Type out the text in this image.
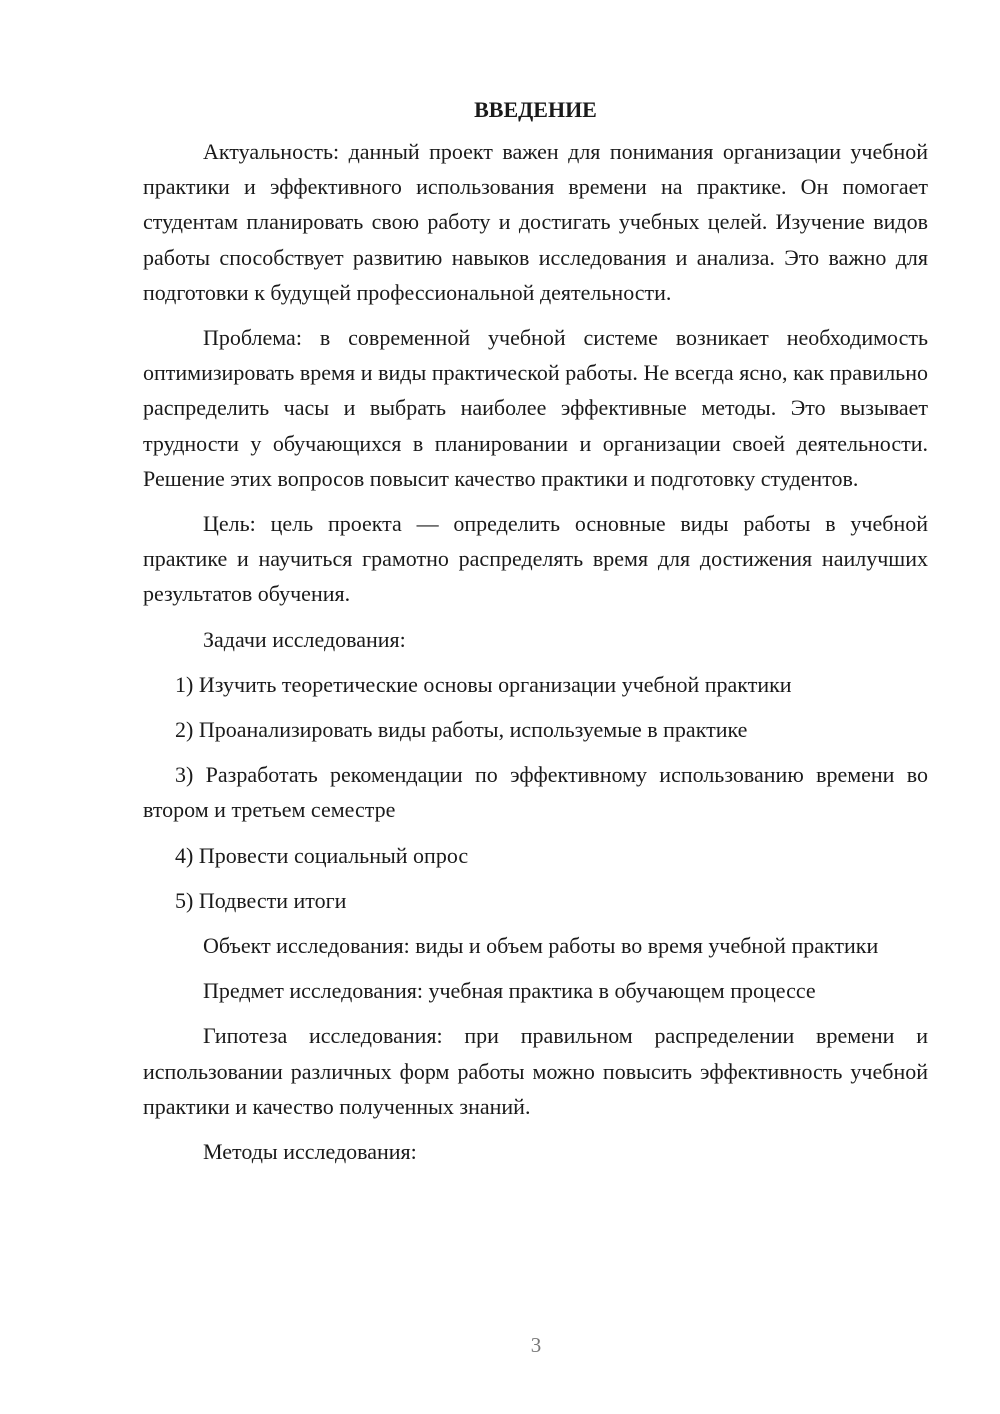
ВВЕДЕНИЕ

Актуальность: данный проект важен для понимания организации учебной практики и эффективного использования времени на практике. Он помогает студентам планировать свою работу и достигать учебных целей. Изучение видов работы способствует развитию навыков исследования и анализа. Это важно для подготовки к будущей профессиональной деятельности.

Проблема: в современной учебной системе возникает необходимость оптимизировать время и виды практической работы. Не всегда ясно, как правильно распределить часы и выбрать наиболее эффективные методы. Это вызывает трудности у обучающихся в планировании и организации своей деятельности. Решение этих вопросов повысит качество практики и подготовку студентов.

Цель: цель проекта — определить основные виды работы в учебной практике и научиться грамотно распределять время для достижения наилучших результатов обучения.

Задачи исследования:

1) Изучить теоретические основы организации учебной практики

2) Проанализировать виды работы, используемые в практике

3) Разработать рекомендации по эффективному использованию времени во втором и третьем семестре

4) Провести социальный опрос

5) Подвести итоги

Объект исследования: виды и объем работы во время учебной практики

Предмет исследования: учебная практика в обучающем процессе

Гипотеза исследования: при правильном распределении времени и использовании различных форм работы можно повысить эффективность учебной практики и качество полученных знаний.

Методы исследования:

3
